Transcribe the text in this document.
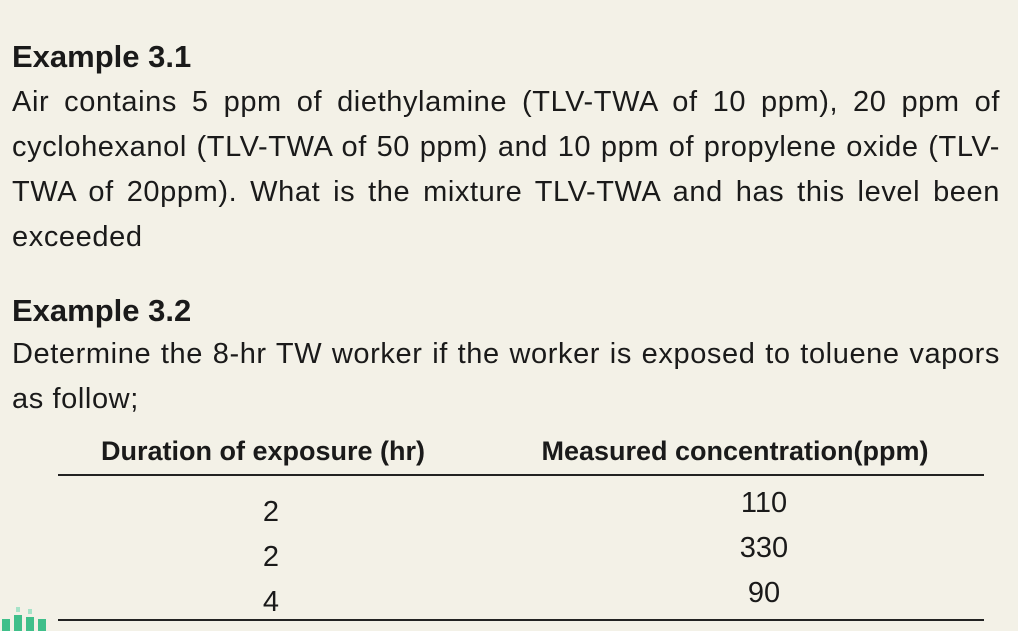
Example 3.1

Air contains 5 ppm of diethylamine (TLV-TWA of 10 ppm), 20 ppm of cyclohexanol (TLV-TWA of 50 ppm) and 10 ppm of propylene oxide (TLV-TWA of 20ppm). What is the mixture TLV-TWA and has this level been exceeded

Example 3.2

Determine the 8-hr TW worker if the worker is exposed to toluene vapors as follow;

Duration of exposure (hr)	Measured concentration(ppm)
2	110
2	330
4	90
